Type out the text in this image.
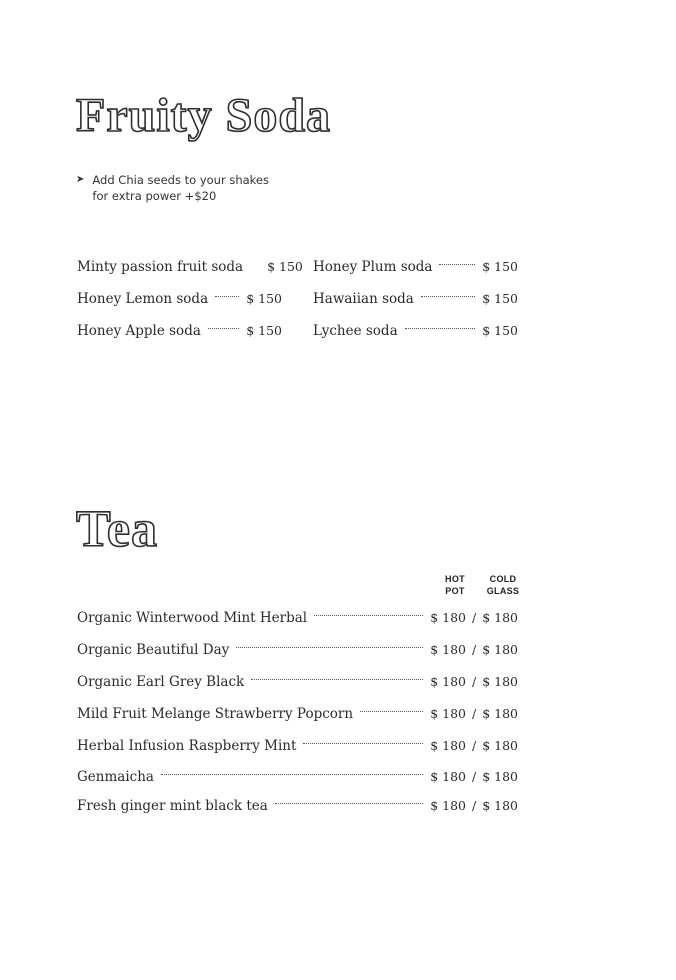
Fruity Soda
➤ Add Chia seeds to your shakes
for extra power +$20
Minty passion fruit soda $ 150
Honey Lemon soda	$ 150
Honey Apple soda	$ 150
Honey Plum soda	$ 150
Hawaiian soda	$ 150
Lychee soda	$ 150
Tea
HOT
POT
COLD
GLASS
Organic Winterwood Mint Herbal	$ 180 / $ 180
Organic Beautiful Day	$ 180 / $ 180
Organic Earl Grey Black	$ 180 / $ 180
Mild Fruit Melange Strawberry Popcorn	$ 180 / $ 180
Herbal Infusion Raspberry Mint	$ 180 / $ 180
Genmaicha	$ 180 / $ 180
Fresh ginger mint black tea	$ 180 / $ 180
